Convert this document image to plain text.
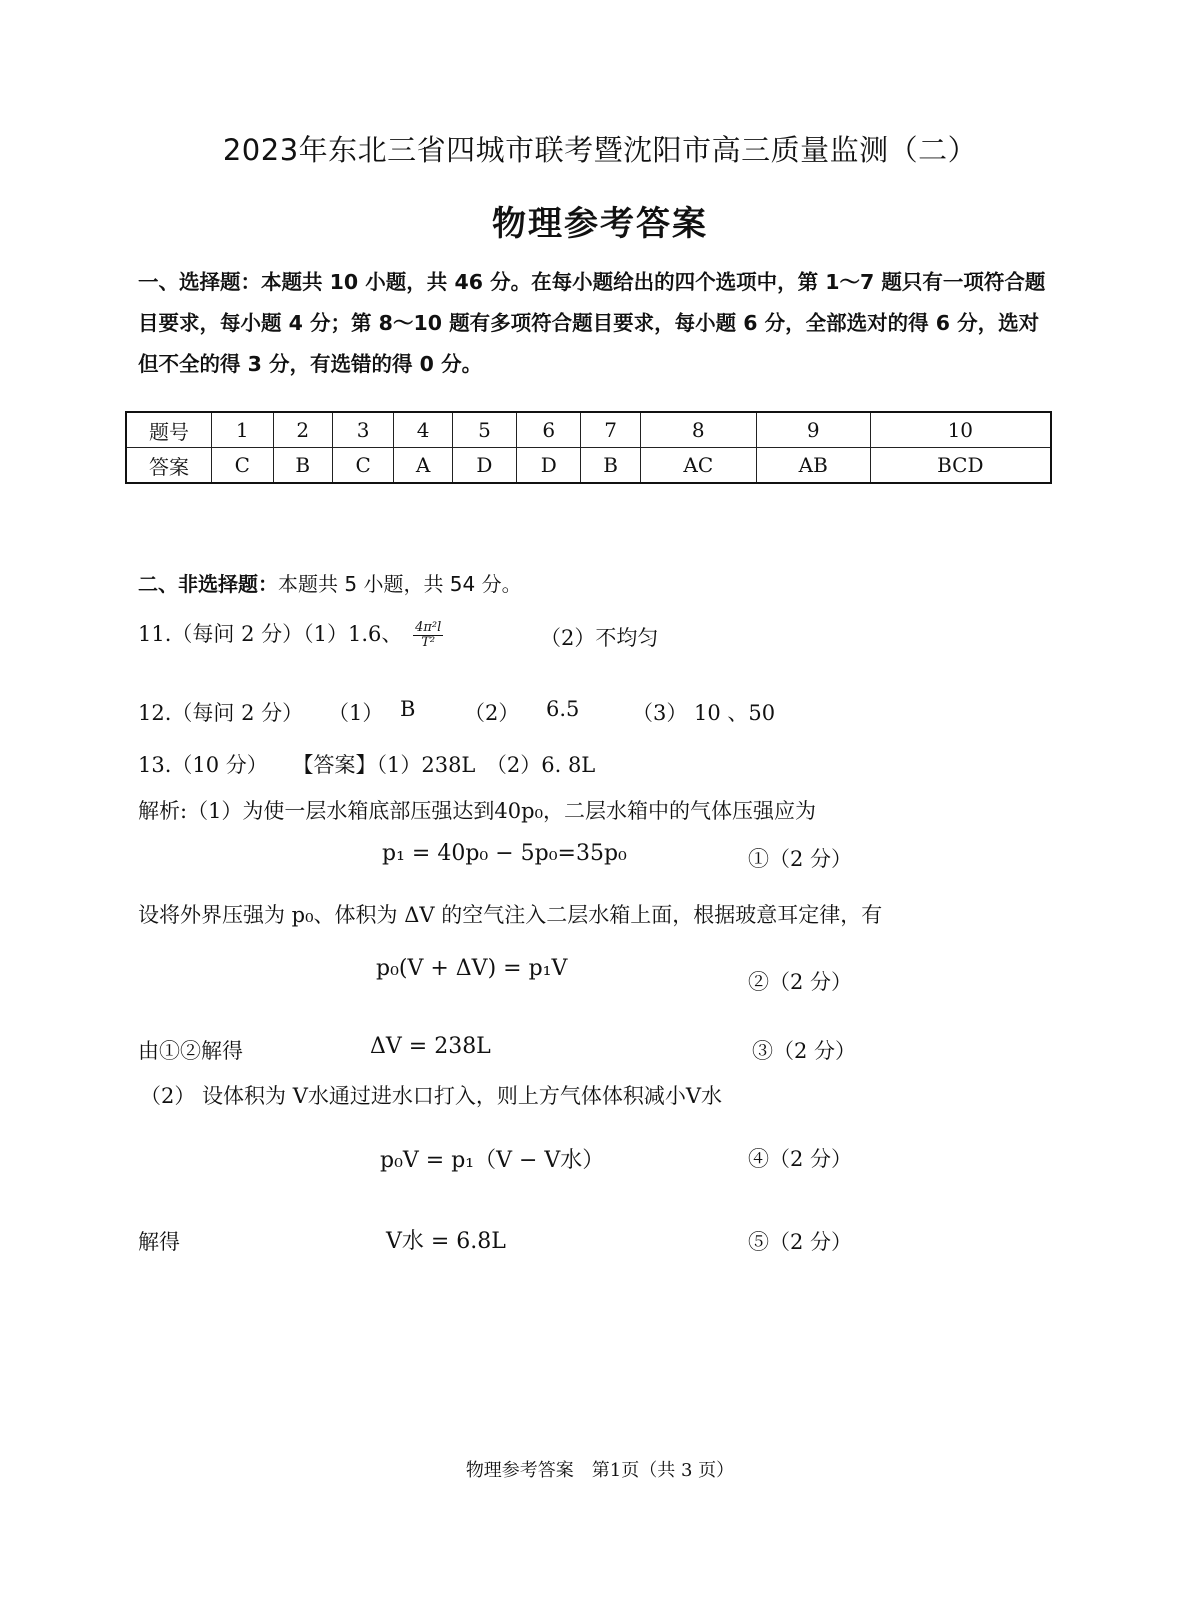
2023年东北三省四城市联考暨沈阳市高三质量监测（二）
物理参考答案
一、选择题：本题共 10 小题，共 46 分。在每小题给出的四个选项中，第 1～7 题只有一项符合题目要求，每小题 4 分；第 8～10 题有多项符合题目要求，每小题 6 分，全部选对的得 6 分，选对但不全的得 3 分，有选错的得 0 分。
题号	1	2	3	4	5	6	7	8	9	10
答案	C	B	C	A	D	D	B	AC	AB	BCD
二、非选择题：本题共 5 小题，共 54 分。
11.（每问 2 分）（1）1.6、 $\frac{\text{4π²l}}{\text{T²}}$	（2）不均匀
12.（每问 2 分） （1） B （2） 6.5	（3） 10 、50
13.（10 分） 【答案】（1）238L　（2）6. 8L
解析:（1）为使一层水箱底部压强达到40p₀，二层水箱中的气体压强应为
p₁ = 40p₀ − 5p₀=35p₀	①（2 分）
设将外界压强为 p₀、体积为 ΔV 的空气注入二层水箱上面，根据玻意耳定律，有
p₀(V + ΔV) = p₁V
②（2 分）
由①②解得	ΔV = 238L	③（2 分）
（2） 设体积为 V水通过进水口打入，则上方气体体积减小V水
p₀V = p₁（V − V水）	④（2 分）
解得	V水 = 6.8L	⑤（2 分）
物理参考答案　第1页（共 3 页）
